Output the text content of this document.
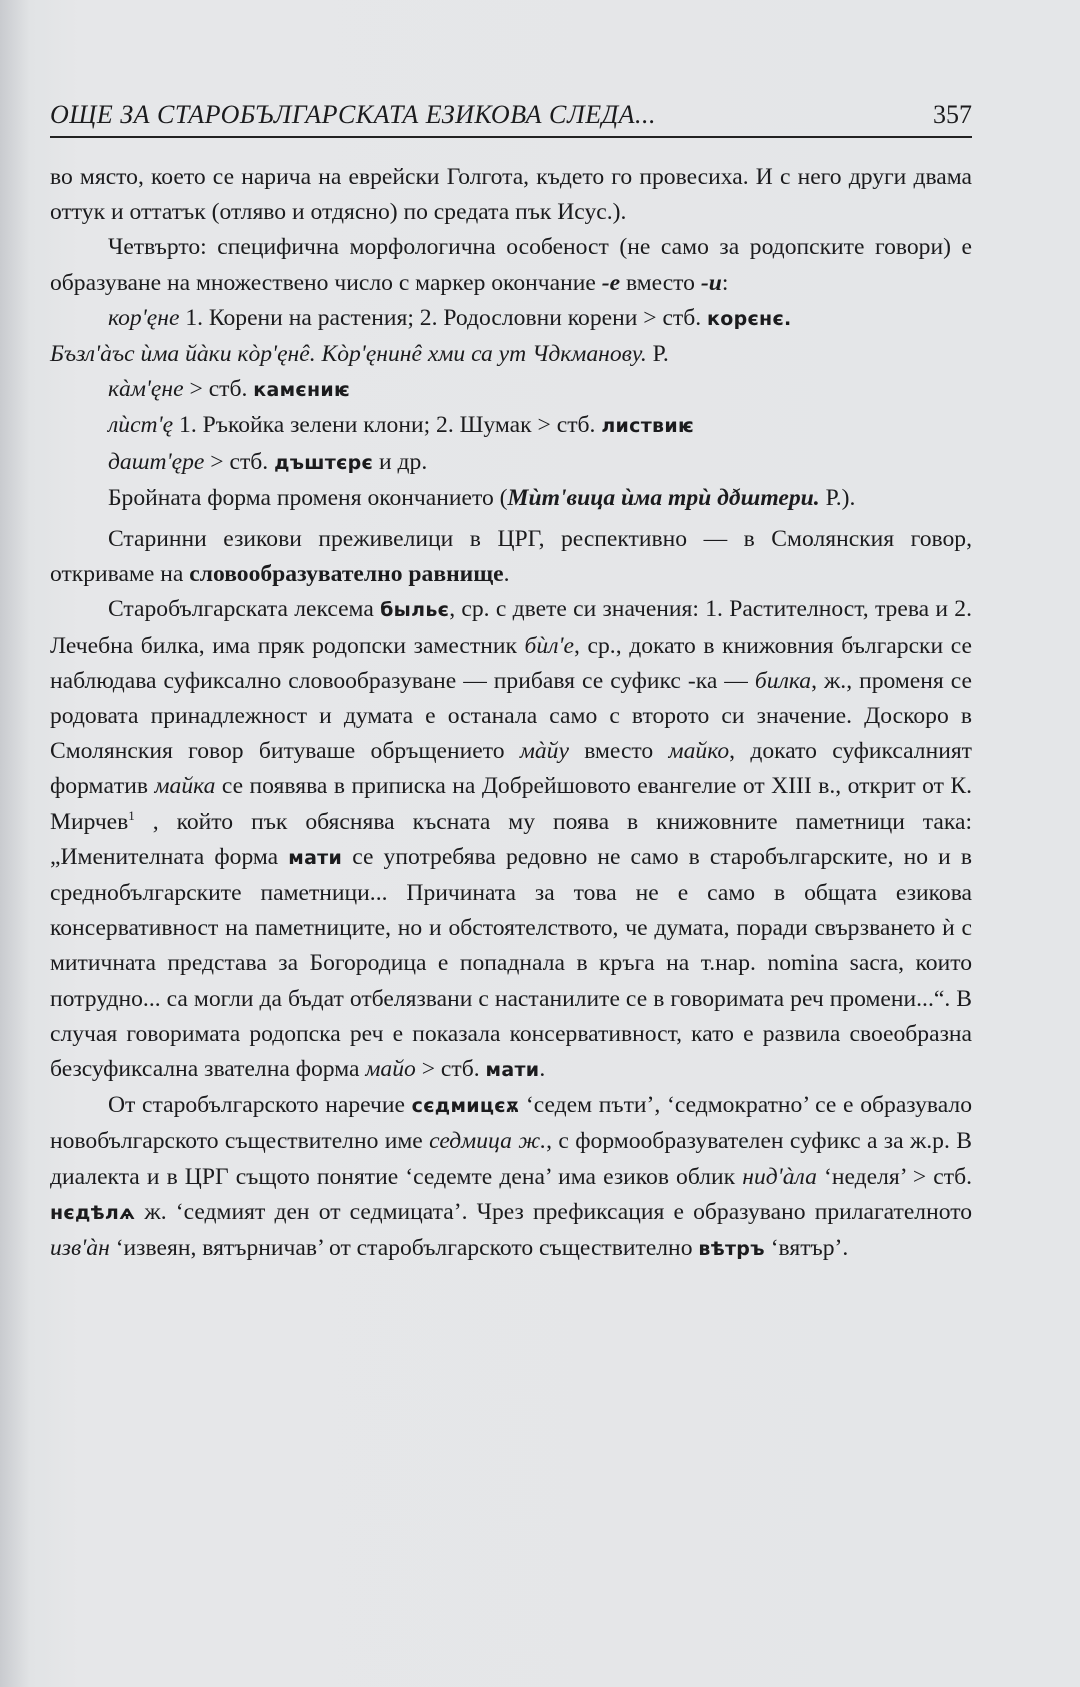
ОЩЕ ЗА СТАРОБЪЛГАРСКАТА ЕЗИКОВА СЛЕДА...	357

во място, което се нарича на еврейски Голгота, където го провесиха. И с него други двама оттук и оттатък (отляво и отдясно) по средата пък Исус.).

Четвърто: специфична морфологична особеност (не само за родопските говори) е образуване на множествено число с маркер окончание -е вместо -и:

кор'ęне 1. Корени на растения; 2. Родословни корени > стб. корєнє.

Бъзл'àъс ѝма йàки кòр'ęнê. Кòр'ęнинê хми са ут Чдкманову. Р.

кàм'ęне > стб. камєниѥ

лѝст'ę 1. Ръкойка зелени клони; 2. Шумак > стб. листвиѥ

дашт'ęре > стб. дъштєрє и др.

Бройната форма променя окончанието (Мѝт'вица ѝма трѝ дðштери. Р.).

Старинни езикови преживелици в ЦРГ, респективно — в Смолянския говор, откриваме на словообразувателно равнище.

Старобългарската лексема быльє, ср. с двете си значения: 1. Растителност, трева и 2. Лечебна билка, има пряк родопски заместник бѝл'е, ср., докато в книжовния български се наблюдава суфиксално словообразуване — прибавя се суфикс -ка — билка, ж., променя се родовата принадлежност и думата е останала само с второто си значение. Доскоро в Смолянския говор битуваше обръщението мàйу вместо майко, докато суфиксалният формaтив майка се появява в приписка на Добрейшовото евангелие от XIII в., открит от К. Мирчев$^1$ , който пък обяснява късната му поява в книжовните паметници така: „Именителната форма мати се употребява редовно не само в старобългарските, но и в среднобългарските паметници... Причината за това не е само в общата езикова консервативност на паметниците, но и обстоятелството, че думата, поради свързването ѝ с митичната представа за Богородица е попаднала в кръга на т.нар. nomina sacra, които потрудно... са могли да бъдат отбелязвани с настанилите се в говоримата реч промени...“. В случая говоримата родопска реч е показала консервативност, като е развила своеобразна безсуфиксална звателна форма майо > стб. мати.

От старобългарското наречие сєдмицєѫ ‘седем пъти’, ‘седмократно’ се е образувало новобългарското съществително име седмица ж., с формообразувателен суфикс а за ж.р. В диалекта и в ЦРГ същото понятие ‘седемте дена’ има езиков облик нид'àла ‘неделя’ > стб. нєдѣлѧ ж. ‘седмият ден от седмицата’. Чрез префиксация е образувано прилагателното изв'àн ‘извеян, вятърничав’ от старобългарското съществително вѣтръ ‘вятър’.
